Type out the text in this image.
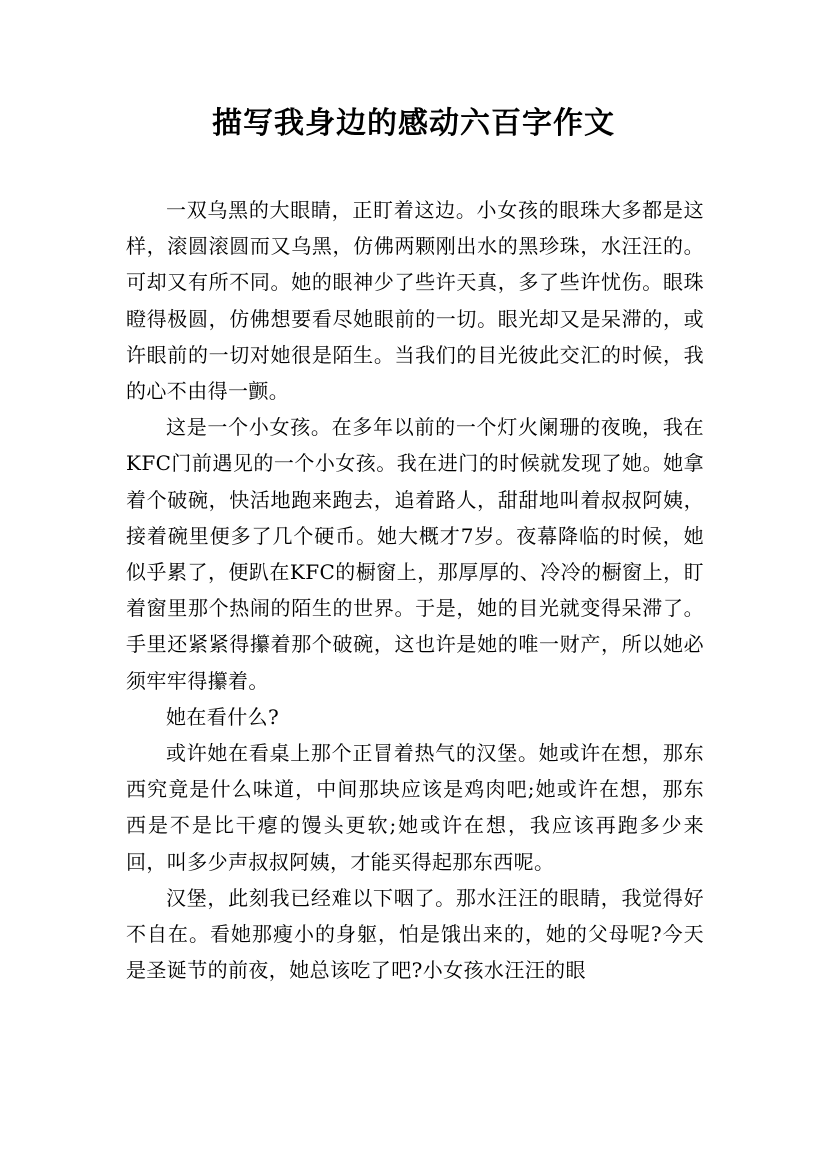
描写我身边的感动六百字作文

一双乌黑的大眼睛，正盯着这边。小女孩的眼珠大多都是这样，滚圆滚圆而又乌黑，仿佛两颗刚出水的黑珍珠，水汪汪的。可却又有所不同。她的眼神少了些许天真，多了些许忧伤。眼珠瞪得极圆，仿佛想要看尽她眼前的一切。眼光却又是呆滞的，或许眼前的一切对她很是陌生。当我们的目光彼此交汇的时候，我的心不由得一颤。

这是一个小女孩。在多年以前的一个灯火阑珊的夜晚，我在KFC门前遇见的一个小女孩。我在进门的时候就发现了她。她拿着个破碗，快活地跑来跑去，追着路人，甜甜地叫着叔叔阿姨，接着碗里便多了几个硬币。她大概才7岁。夜幕降临的时候，她似乎累了，便趴在KFC的橱窗上，那厚厚的、冷冷的橱窗上，盯着窗里那个热闹的陌生的世界。于是，她的目光就变得呆滞了。手里还紧紧得攥着那个破碗，这也许是她的唯一财产，所以她必须牢牢得攥着。

她在看什么?

或许她在看桌上那个正冒着热气的汉堡。她或许在想，那东西究竟是什么味道，中间那块应该是鸡肉吧;她或许在想，那东西是不是比干瘪的馒头更软;她或许在想，我应该再跑多少来回，叫多少声叔叔阿姨，才能买得起那东西呢。

汉堡，此刻我已经难以下咽了。那水汪汪的眼睛，我觉得好不自在。看她那瘦小的身躯，怕是饿出来的，她的父母呢?今天是圣诞节的前夜，她总该吃了吧?小女孩水汪汪的眼
